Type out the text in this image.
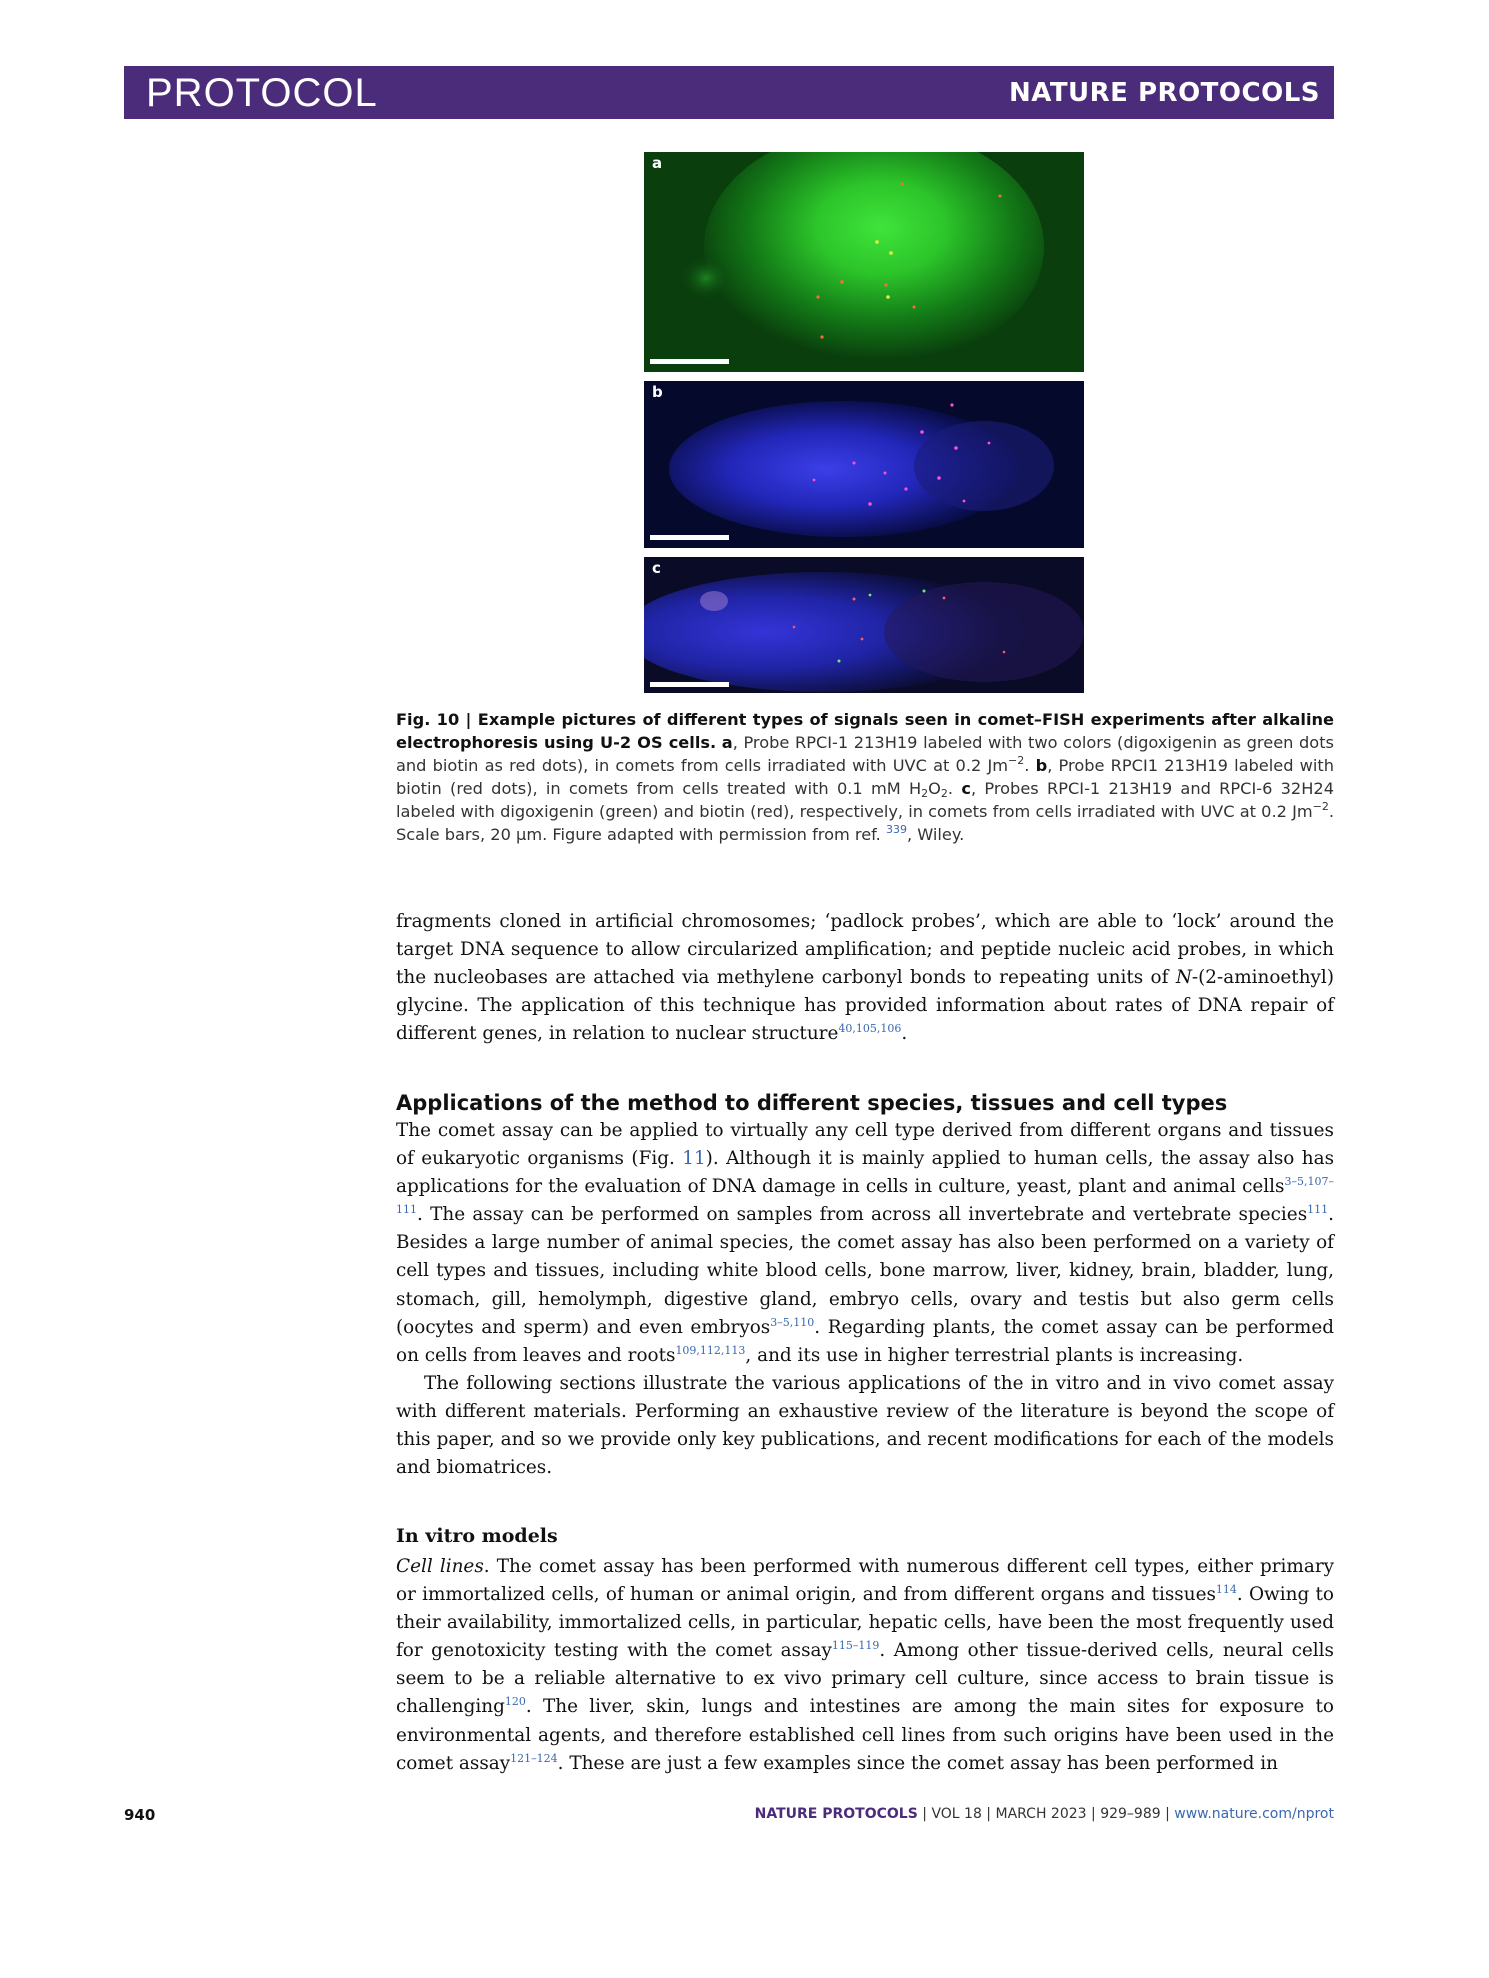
PROTOCOL	NATURE PROTOCOLS
a
b
c
Fig. 10 | Example pictures of different types of signals seen in comet–FISH experiments after alkaline electrophoresis using U-2 OS cells. a, Probe RPCI-1 213H19 labeled with two colors (digoxigenin as green dots and biotin as red dots), in comets from cells irradiated with UVC at 0.2 $Jm^{-2}$. b, Probe RPCI1 213H19 labeled with biotin (red dots), in comets from cells treated with 0.1 mM $H_2O_2$. c, Probes RPCI-1 213H19 and RPCI-6 32H24 labeled with digoxigenin (green) and biotin (red), respectively, in comets from cells irradiated with UVC at 0.2 $Jm^{-2}$. Scale bars, 20 μm. Figure adapted with permission from ref. $^{339}$, Wiley.

fragments cloned in artificial chromosomes; ‘padlock probes’, which are able to ‘lock’ around the target DNA sequence to allow circularized amplification; and peptide nucleic acid probes, in which the nucleobases are attached via methylene carbonyl bonds to repeating units of N-(2-aminoethyl) glycine. The application of this technique has provided information about rates of DNA repair of different genes, in relation to nuclear structure$^{40,105,106}$.

Applications of the method to different species, tissues and cell types

The comet assay can be applied to virtually any cell type derived from different organs and tissues of eukaryotic organisms (Fig. 11). Although it is mainly applied to human cells, the assay also has applications for the evaluation of DNA damage in cells in culture, yeast, plant and animal cells$^{3-5,107-111}$. The assay can be performed on samples from across all invertebrate and vertebrate species$^{111}$. Besides a large number of animal species, the comet assay has also been performed on a variety of cell types and tissues, including white blood cells, bone marrow, liver, kidney, brain, bladder, lung, stomach, gill, hemolymph, digestive gland, embryo cells, ovary and testis but also germ cells (oocytes and sperm) and even embryos$^{3-5,110}$. Regarding plants, the comet assay can be performed on cells from leaves and roots$^{109,112,113}$, and its use in higher terrestrial plants is increasing.

The following sections illustrate the various applications of the in vitro and in vivo comet assay with different materials. Performing an exhaustive review of the literature is beyond the scope of this paper, and so we provide only key publications, and recent modifications for each of the models and biomatrices.

In vitro models

Cell lines. The comet assay has been performed with numerous different cell types, either primary or immortalized cells, of human or animal origin, and from different organs and tissues$^{114}$. Owing to their availability, immortalized cells, in particular, hepatic cells, have been the most frequently used for genotoxicity testing with the comet assay$^{115-119}$. Among other tissue-derived cells, neural cells seem to be a reliable alternative to ex vivo primary cell culture, since access to brain tissue is challenging$^{120}$. The liver, skin, lungs and intestines are among the main sites for exposure to environmental agents, and therefore established cell lines from such origins have been used in the comet assay$^{121-124}$. These are just a few examples since the comet assay has been performed in

940	NATURE PROTOCOLS | VOL 18 | MARCH 2023 | 929–989 | www.nature.com/nprot
